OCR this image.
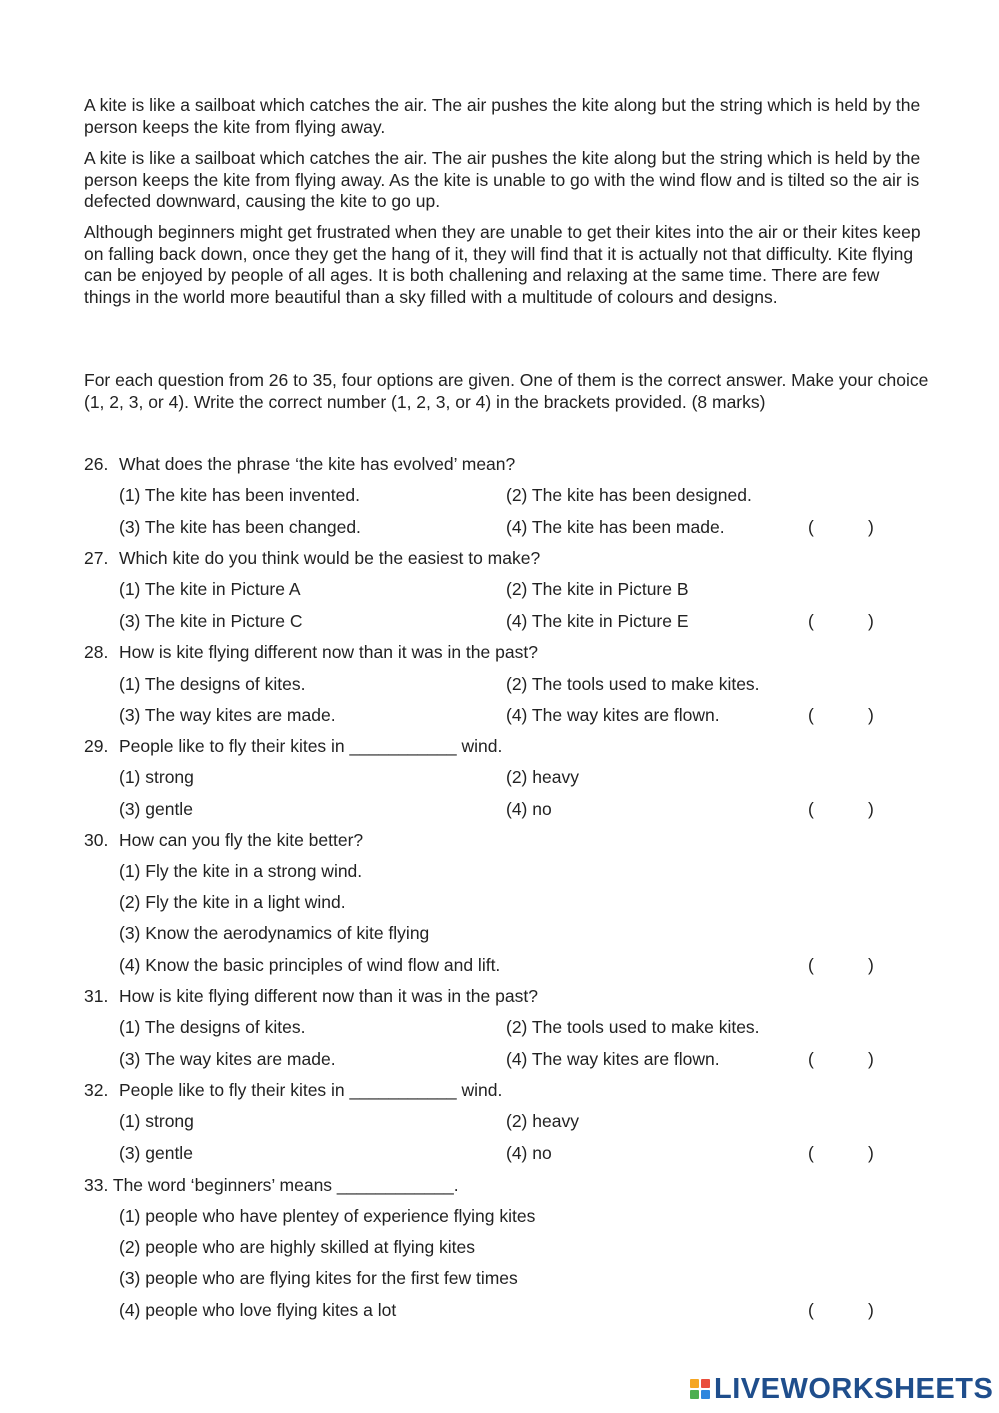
A kite is like a sailboat which catches the air. The air pushes the kite along but the string which is held by the person keeps the kite from flying away.

A kite is like a sailboat which catches the air. The air pushes the kite along but the string which is held by the person keeps the kite from flying away. As the kite is unable to go with the wind flow and is tilted so the air is defected downward, causing the kite to go up.

Although beginners might get frustrated when they are unable to get their kites into the air or their kites keep on falling back down, once they get the hang of it, they will find that it is actually not that difficulty. Kite flying can be enjoyed by people of all ages. It is both challening and relaxing at the same time. There are few things in the world more beautiful than a sky filled with a multitude of colours and designs.

For each question from 26 to 35, four options are given. One of them is the correct answer. Make your choice (1, 2, 3, or 4). Write the correct number (1, 2, 3, or 4) in the brackets provided. (8 marks)

26. What does the phrase ‘the kite has evolved’ mean?
(1) The kite has been invented.	(2) The kite has been designed.
(3) The kite has been changed.	(4) The kite has been made.	(	)
27. Which kite do you think would be the easiest to make?
(1) The kite in Picture A	(2) The kite in Picture B
(3) The kite in Picture C	(4) The kite in Picture E	(	)
28. How is kite flying different now than it was in the past?
(1) The designs of kites.	(2) The tools used to make kites.
(3) The way kites are made.	(4) The way kites are flown.	(	)
29. People like to fly their kites in ___________ wind.
(1) strong	(2) heavy
(3) gentle	(4) no	(	)
30. How can you fly the kite better?
(1) Fly the kite in a strong wind.
(2) Fly the kite in a light wind.
(3) Know the aerodynamics of kite flying
(4) Know the basic principles of wind flow and lift.	(	)
31. How is kite flying different now than it was in the past?
(1) The designs of kites.	(2) The tools used to make kites.
(3) The way kites are made.	(4) The way kites are flown.	(	)
32. People like to fly their kites in ___________ wind.
(1) strong	(2) heavy
(3) gentle	(4) no	(	)
33. The word ‘beginners’ means ____________.
(1) people who have plentey of experience flying kites
(2) people who are highly skilled at flying kites
(3) people who are flying kites for the first few times
(4) people who love flying kites a lot	(	)
LIVEWORKSHEETS
